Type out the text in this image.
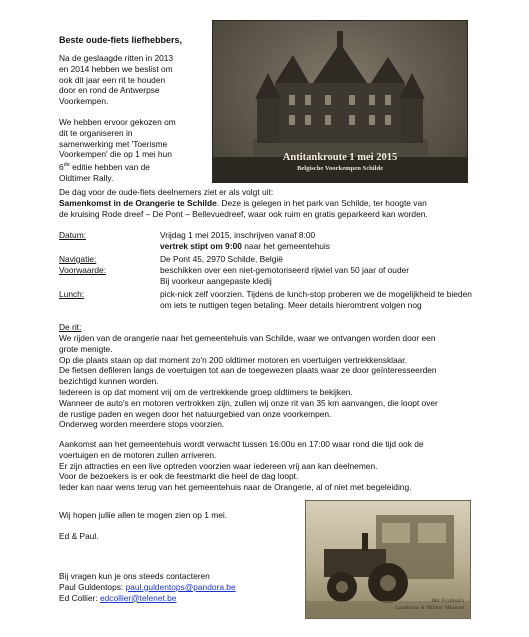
Beste oude-fiets liefhebbers,
Na de geslaagde ritten in 2013
en 2014 hebben we beslist om
ook dit jaar een rit te houden
door en rond de Antwerpse
Voorkempen.
We hebben ervoor gekozen om
dit te organiseren in
samenwerking met 'Toerisme
Voorkempen' die op 1 mei hun
6de editie hebben van de
Oldtimer Rally.
Antitankroute 1 mei 2015
Belgische Voorkempen Schilde
De dag voor de oude-fiets deelnemers ziet er als volgt uit:
Samenkomst in de Orangerie te Schilde. Deze is gelegen in het park van Schilde, ter hoogte van
de kruising Rode dreef – De Pont – Bellevuedreef, waar ook ruim en gratis geparkeerd kan worden.
Datum:	Vrijdag 1 mei 2015, inschrijven vanaf 8:00
vertrek stipt om 9:00 naar het gemeentehuis
Navigatie:	De Pont 45, 2970 Schilde, België
Voorwaarde:	beschikken over een niet-gemotoriseerd rijwiel van 50 jaar of ouder
Bij voorkeur aangepaste kledij
Lunch:	pick-nick zelf voorzien. Tijdens de lunch-stop proberen we de mogelijkheid te bieden
om iets te nuttigen tegen betaling. Meer details hieromtrent volgen nog
De rit:
We rijden van de orangerie naar het gemeentehuis van Schilde, waar we ontvangen worden door een
grote menigte.
Op die plaats staan op dat moment zo'n 200 oldtimer motoren en voertuigen vertrekkensklaar.
De fietsen defileren langs de voertuigen tot aan de toegewezen plaats waar ze door geïnteresseerden
bezichtigd kunnen worden.
Iedereen is op dat moment vrij om de vertrekkende groep oldtimers te bekijken.
Wanneer de auto's en motoren vertrokken zijn, zullen wij onze rit van 35 km aanvangen, die loopt over
de rustige paden en wegen door het natuurgebied van onze voorkempen.
Onderweg worden meerdere stops voorzien.
Aankomst aan het gemeentehuis wordt verwacht tussen 16:00u en 17:00 waar rond die tijd ook de
voertuigen en de motoren zullen arriveren.
Er zijn attracties en een live optreden voorzien waar iedereen vrij aan kan deelnemen.
Voor de bezoekers is er ook de feestmarkt die heel de dag loopt.
Ieder kan naar wens terug van het gemeentehuis naar de Orangerie, al of niet met begeleiding.
Wij hopen jullie allen te mogen zien op 1 mei.
Ed & Paul.
Bij vragen kun je ons steeds contacteren
Paul Guldentops: paul.guldentops@pandora.be
Ed Collier: edcollier@telenet.be	Mic Frylinck's
Landbouw & Militair Museum
